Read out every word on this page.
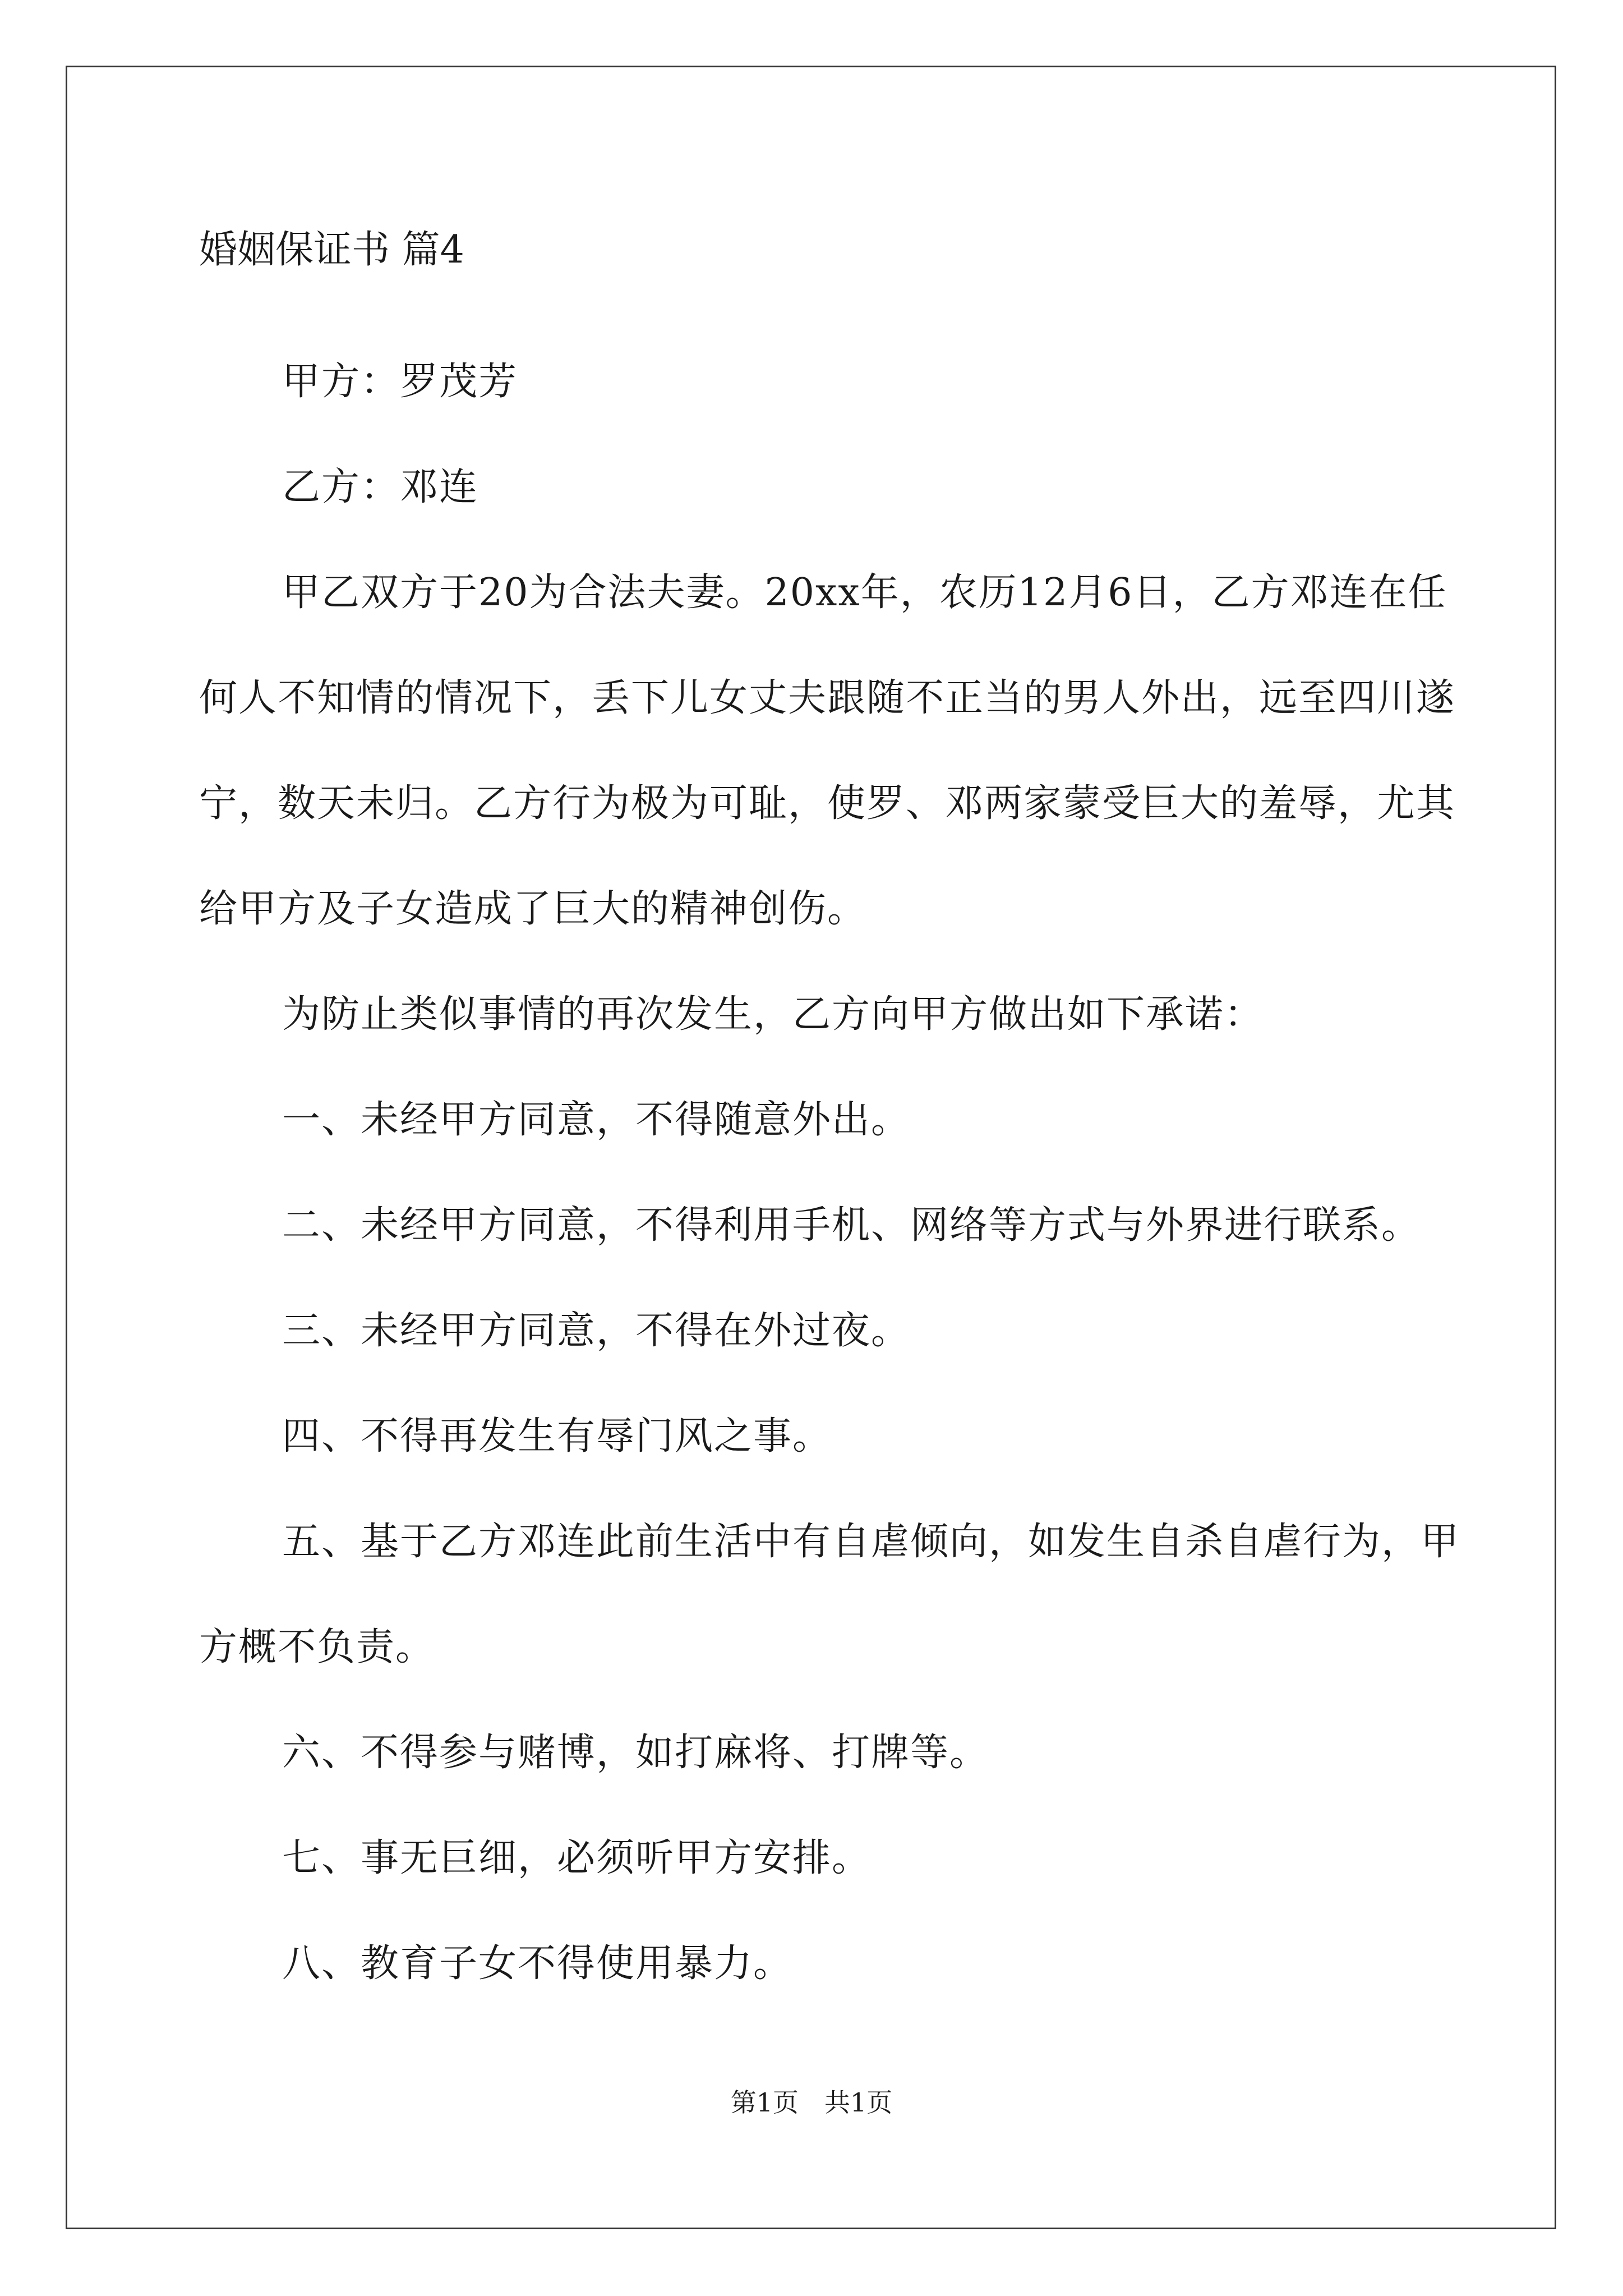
婚姻保证书 篇4

甲方：罗茂芳

乙方：邓连

甲乙双方于20为合法夫妻。20xx年，农历12月6日，乙方邓连在任何人不知情的情况下，丢下儿女丈夫跟随不正当的男人外出，远至四川遂宁，数天未归。乙方行为极为可耻，使罗、邓两家蒙受巨大的羞辱，尤其给甲方及子女造成了巨大的精神创伤。

为防止类似事情的再次发生，乙方向甲方做出如下承诺：

一、未经甲方同意，不得随意外出。

二、未经甲方同意，不得利用手机、网络等方式与外界进行联系。

三、未经甲方同意，不得在外过夜。

四、不得再发生有辱门风之事。

五、基于乙方邓连此前生活中有自虐倾向，如发生自杀自虐行为，甲方概不负责。

六、不得参与赌博，如打麻将、打牌等。

七、事无巨细，必须听甲方安排。

八、教育子女不得使用暴力。

第1页　共1页
